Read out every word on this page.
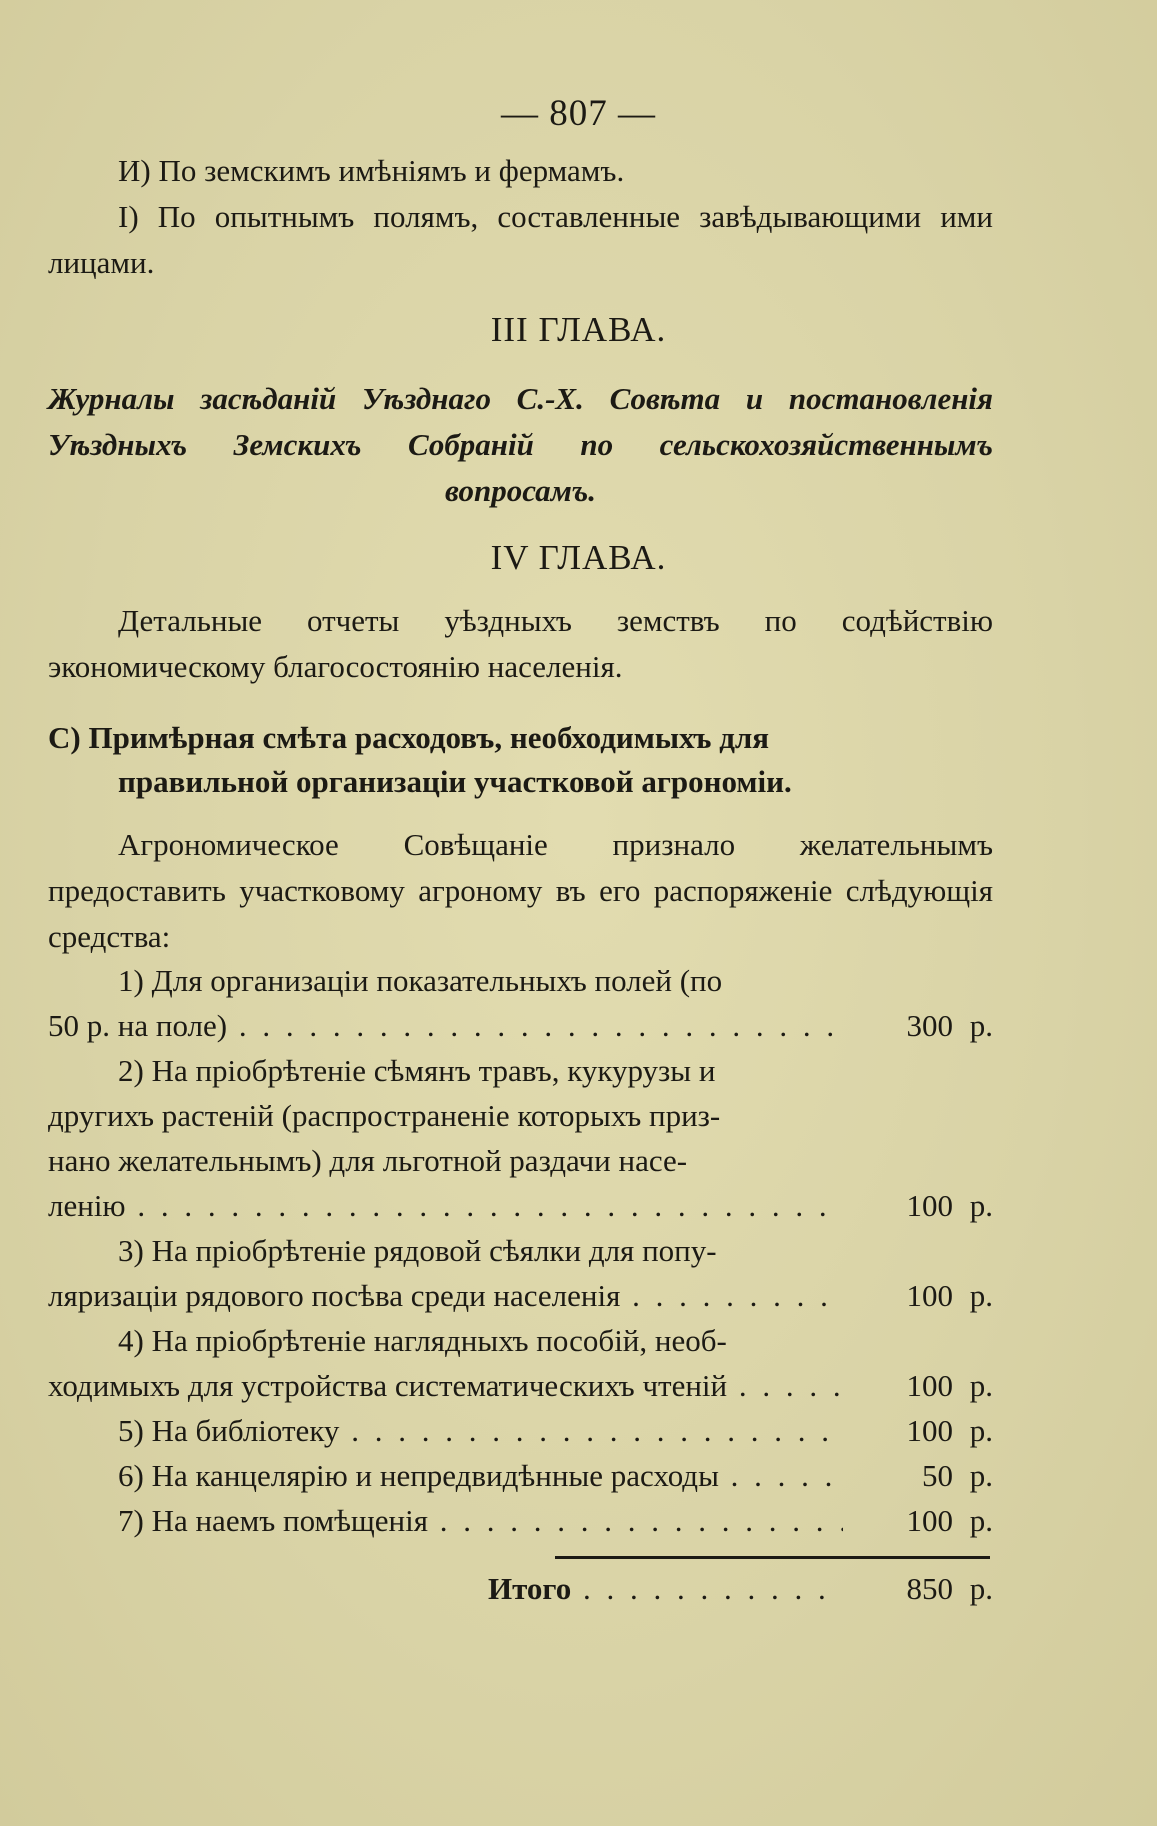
— 807 —
И) По земскимъ имѣніямъ и фермамъ.
І) По опытнымъ полямъ, составленные завѣдывающими ими лицами.
III ГЛАВА.
Журналы засѣданій Уѣзднаго С.-Х. Совѣта и постановленія Уѣздныхъ Земскихъ Собраній по сельскохозяйственнымъ вопросамъ.
IV ГЛАВА.
Детальные отчеты уѣздныхъ земствъ по содѣйствію экономическому благосостоянію населенія.
С) Примѣрная смѣта расходовъ, необходимыхъ для
правильной организаціи участковой агрономіи.
Агрономическое Совѣщаніе признало желательнымъ предоставить участковому агроному въ его распоряженіе слѣдующія средства:
1) Для организаціи показательныхъ полей (по
50 р. на поле) . . .	300 р.
2) На пріобрѣтеніе сѣмянъ травъ, кукурузы и
другихъ растеній (распространеніе которыхъ приз-
нано желательнымъ) для льготной раздачи насе-
ленію . . .	100 р.
3) На пріобрѣтеніе рядовой сѣялки для попу-
ляризаціи рядового посѣва среди населенія . . .	100 р.
4) На пріобрѣтеніе наглядныхъ пособій, необ-
ходимыхъ для устройства систематическихъ чтеній . . .	100 р.
5) На библіотеку . . .	100 р.
6) На канцелярію и непредвидѣнные расходы . . .	50 р.
7) На наемъ помѣщенія . . .	100 р.
Итого . . .	850 р.
